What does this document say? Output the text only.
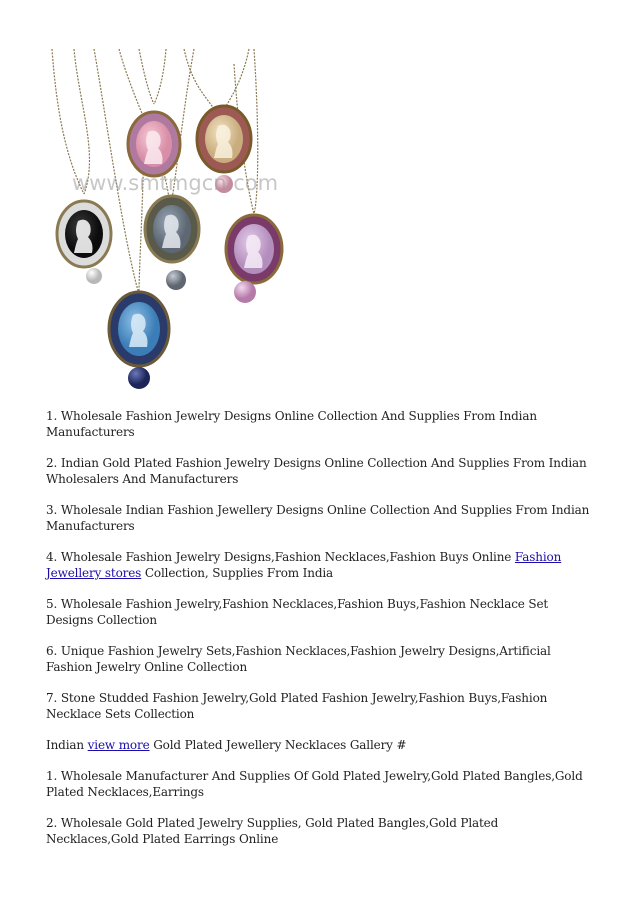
www.smtmgcn.com

1. Wholesale Fashion Jewelry Designs Online Collection And Supplies From Indian Manufacturers

2. Indian Gold Plated Fashion Jewelry Designs Online Collection And Supplies From Indian Wholesalers And Manufacturers

3. Wholesale Indian Fashion Jewellery Designs Online Collection And Supplies From Indian Manufacturers

4. Wholesale Fashion Jewelry Designs,Fashion Necklaces,Fashion Buys Online Fashion Jewellery stores Collection, Supplies From India

5. Wholesale Fashion Jewelry,Fashion Necklaces,Fashion Buys,Fashion Necklace Set Designs Collection

6. Unique Fashion Jewelry Sets,Fashion Necklaces,Fashion Jewelry Designs,Artificial Fashion Jewelry Online Collection

7. Stone Studded Fashion Jewelry,Gold Plated Fashion Jewelry,Fashion Buys,Fashion Necklace Sets Collection

Indian view more Gold Plated Jewellery Necklaces Gallery #

1. Wholesale Manufacturer And Supplies Of Gold Plated Jewelry,Gold Plated Bangles,Gold Plated Necklaces,Earrings

2. Wholesale Gold Plated Jewelry Supplies, Gold Plated Bangles,Gold Plated Necklaces,Gold Plated Earrings Online
